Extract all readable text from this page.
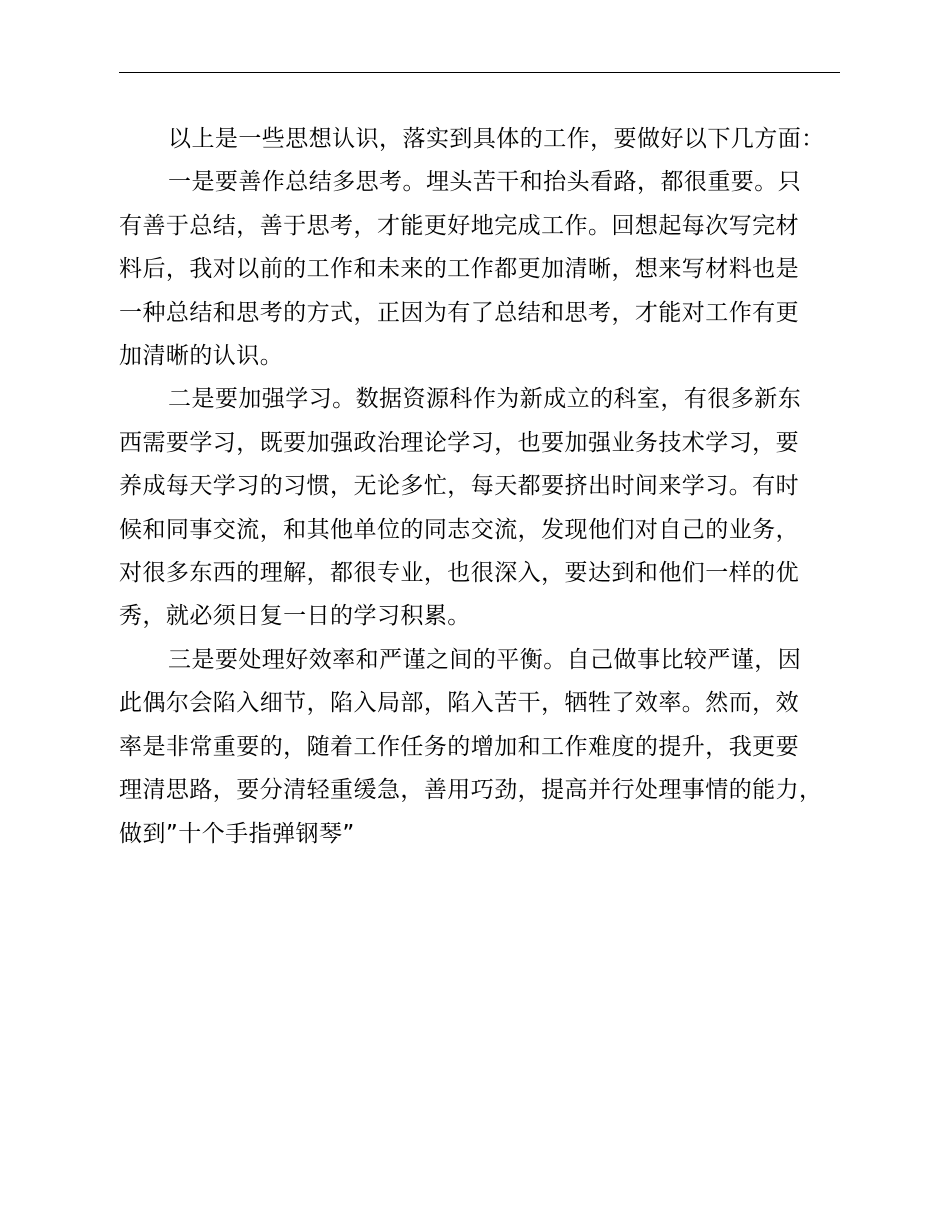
以上是一些思想认识，落实到具体的工作，要做好以下几方面：

一是要善作总结多思考。埋头苦干和抬头看路，都很重要。只
有善于总结，善于思考，才能更好地完成工作。回想起每次写完材
料后，我对以前的工作和未来的工作都更加清晰，想来写材料也是
一种总结和思考的方式，正因为有了总结和思考，才能对工作有更
加清晰的认识。

二是要加强学习。数据资源科作为新成立的科室，有很多新东
西需要学习，既要加强政治理论学习，也要加强业务技术学习，要
养成每天学习的习惯，无论多忙，每天都要挤出时间来学习。有时
候和同事交流，和其他单位的同志交流，发现他们对自己的业务，
对很多东西的理解，都很专业，也很深入，要达到和他们一样的优
秀，就必须日复一日的学习积累。

三是要处理好效率和严谨之间的平衡。自己做事比较严谨，因
此偶尔会陷入细节，陷入局部，陷入苦干，牺牲了效率。然而，效
率是非常重要的，随着工作任务的增加和工作难度的提升，我更要
理清思路，要分清轻重缓急，善用巧劲，提高并行处理事情的能力，
做到”十个手指弹钢琴”
